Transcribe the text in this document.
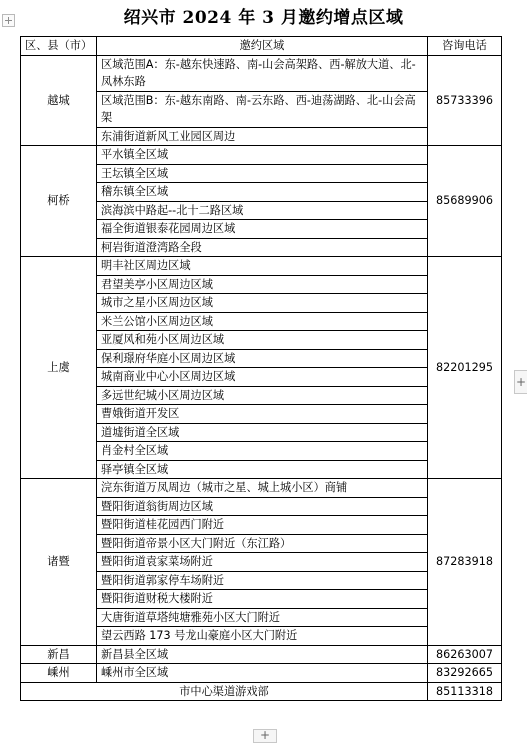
绍兴市 2024 年 3 月邀约增点区域
区、县（市）	邀约区域	咨询电话
越城	区域范围A：东-越东快速路、南-山会高架路、西-解放大道、北-凤林东路	85733396
	区域范围B：东-越东南路、南-云东路、西-迪荡湖路、北-山会高架	
	东浦街道新风工业园区周边	
柯桥	平水镇全区域	85689906
	王坛镇全区域	
	稽东镇全区域	
	滨海滨中路起--北十二路区域	
	福全街道银泰花园周边区域	
	柯岩街道澄湾路全段	
上虞	明丰社区周边区域	82201295
	君望美亭小区周边区域	
	城市之星小区周边区域	
	米兰公馆小区周边区域	
	亚厦风和苑小区周边区域	
	保利璟府华庭小区周边区域	
	城南商业中心小区周边区域	
	多远世纪城小区周边区域	
	曹娥街道开发区	
	道墟街道全区域	
	肖金村全区域	
	驿亭镇全区域	
诸暨	浣东街道万凤周边（城市之星、城上城小区）商铺	87283918
	暨阳街道翁街周边区域	
	暨阳街道桂花园西门附近	
	暨阳街道帝景小区大门附近（东江路）	
	暨阳街道袁家菜场附近	
	暨阳街道郭家停车场附近	
	暨阳街道财税大楼附近	
	大唐街道草塔纯塘雅苑小区大门附近	
	望云西路 173 号龙山豪庭小区大门附近	
新昌	新昌县全区域	86263007
嵊州	嵊州市全区域	83292665
市中心渠道游戏部		85113318
+
+
